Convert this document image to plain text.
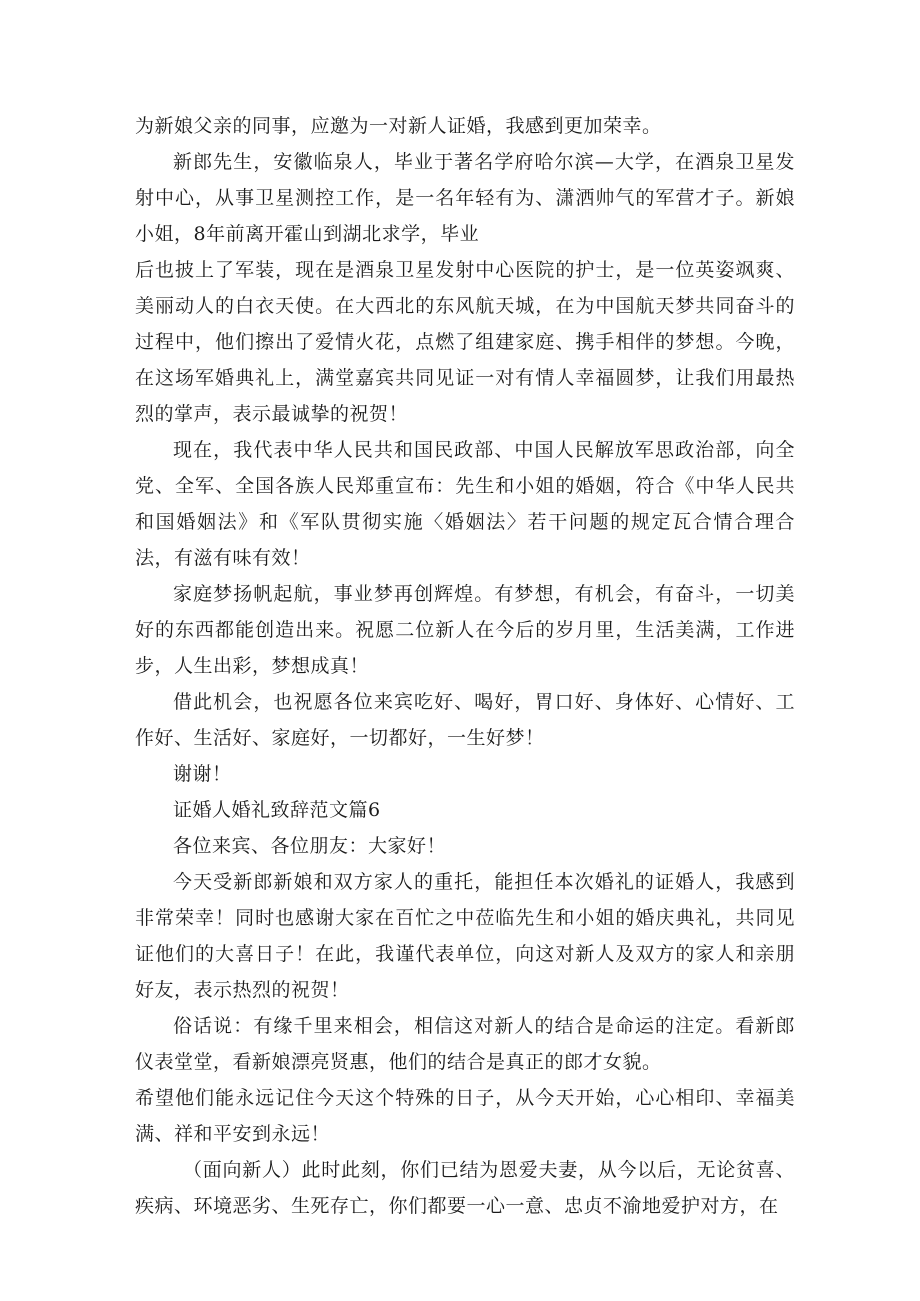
为新娘父亲的同事，应邀为一对新人证婚，我感到更加荣幸。

新郎先生，安徽临泉人，毕业于著名学府哈尔滨—大学，在酒泉卫星发射中心，从事卫星测控工作，是一名年轻有为、潇洒帅气的军营才子。新娘小姐，8年前离开霍山到湖北求学，毕业

后也披上了军装，现在是酒泉卫星发射中心医院的护士，是一位英姿飒爽、美丽动人的白衣天使。在大西北的东风航天城，在为中国航天梦共同奋斗的过程中，他们擦出了爱情火花，点燃了组建家庭、携手相伴的梦想。今晚，在这场军婚典礼上，满堂嘉宾共同见证一对有情人幸福圆梦，让我们用最热烈的掌声，表示最诚挚的祝贺！

现在，我代表中华人民共和国民政部、中国人民解放军思政治部，向全党、全军、全国各族人民郑重宣布：先生和小姐的婚姻，符合《中华人民共和国婚姻法》和《军队贯彻实施〈婚姻法〉若干问题的规定瓦合情合理合法，有滋有味有效！

家庭梦扬帆起航，事业梦再创辉煌。有梦想，有机会，有奋斗，一切美好的东西都能创造出来。祝愿二位新人在今后的岁月里，生活美满，工作进步，人生出彩，梦想成真！

借此机会，也祝愿各位来宾吃好、喝好，胃口好、身体好、心情好、工作好、生活好、家庭好，一切都好，一生好梦！

谢谢！

证婚人婚礼致辞范文篇6

各位来宾、各位朋友：大家好！

今天受新郎新娘和双方家人的重托，能担任本次婚礼的证婚人，我感到非常荣幸！同时也感谢大家在百忙之中莅临先生和小姐的婚庆典礼，共同见证他们的大喜日子！在此，我谨代表单位，向这对新人及双方的家人和亲朋好友，表示热烈的祝贺！

俗话说：有缘千里来相会，相信这对新人的结合是命运的注定。看新郎仪表堂堂，看新娘漂亮贤惠，他们的结合是真正的郎才女貌。

希望他们能永远记住今天这个特殊的日子，从今天开始，心心相印、幸福美满、祥和平安到永远！

（面向新人）此时此刻，你们已结为恩爱夫妻，从今以后，无论贫喜、疾病、环境恶劣、生死存亡，你们都要一心一意、忠贞不渝地爱护对方，在
